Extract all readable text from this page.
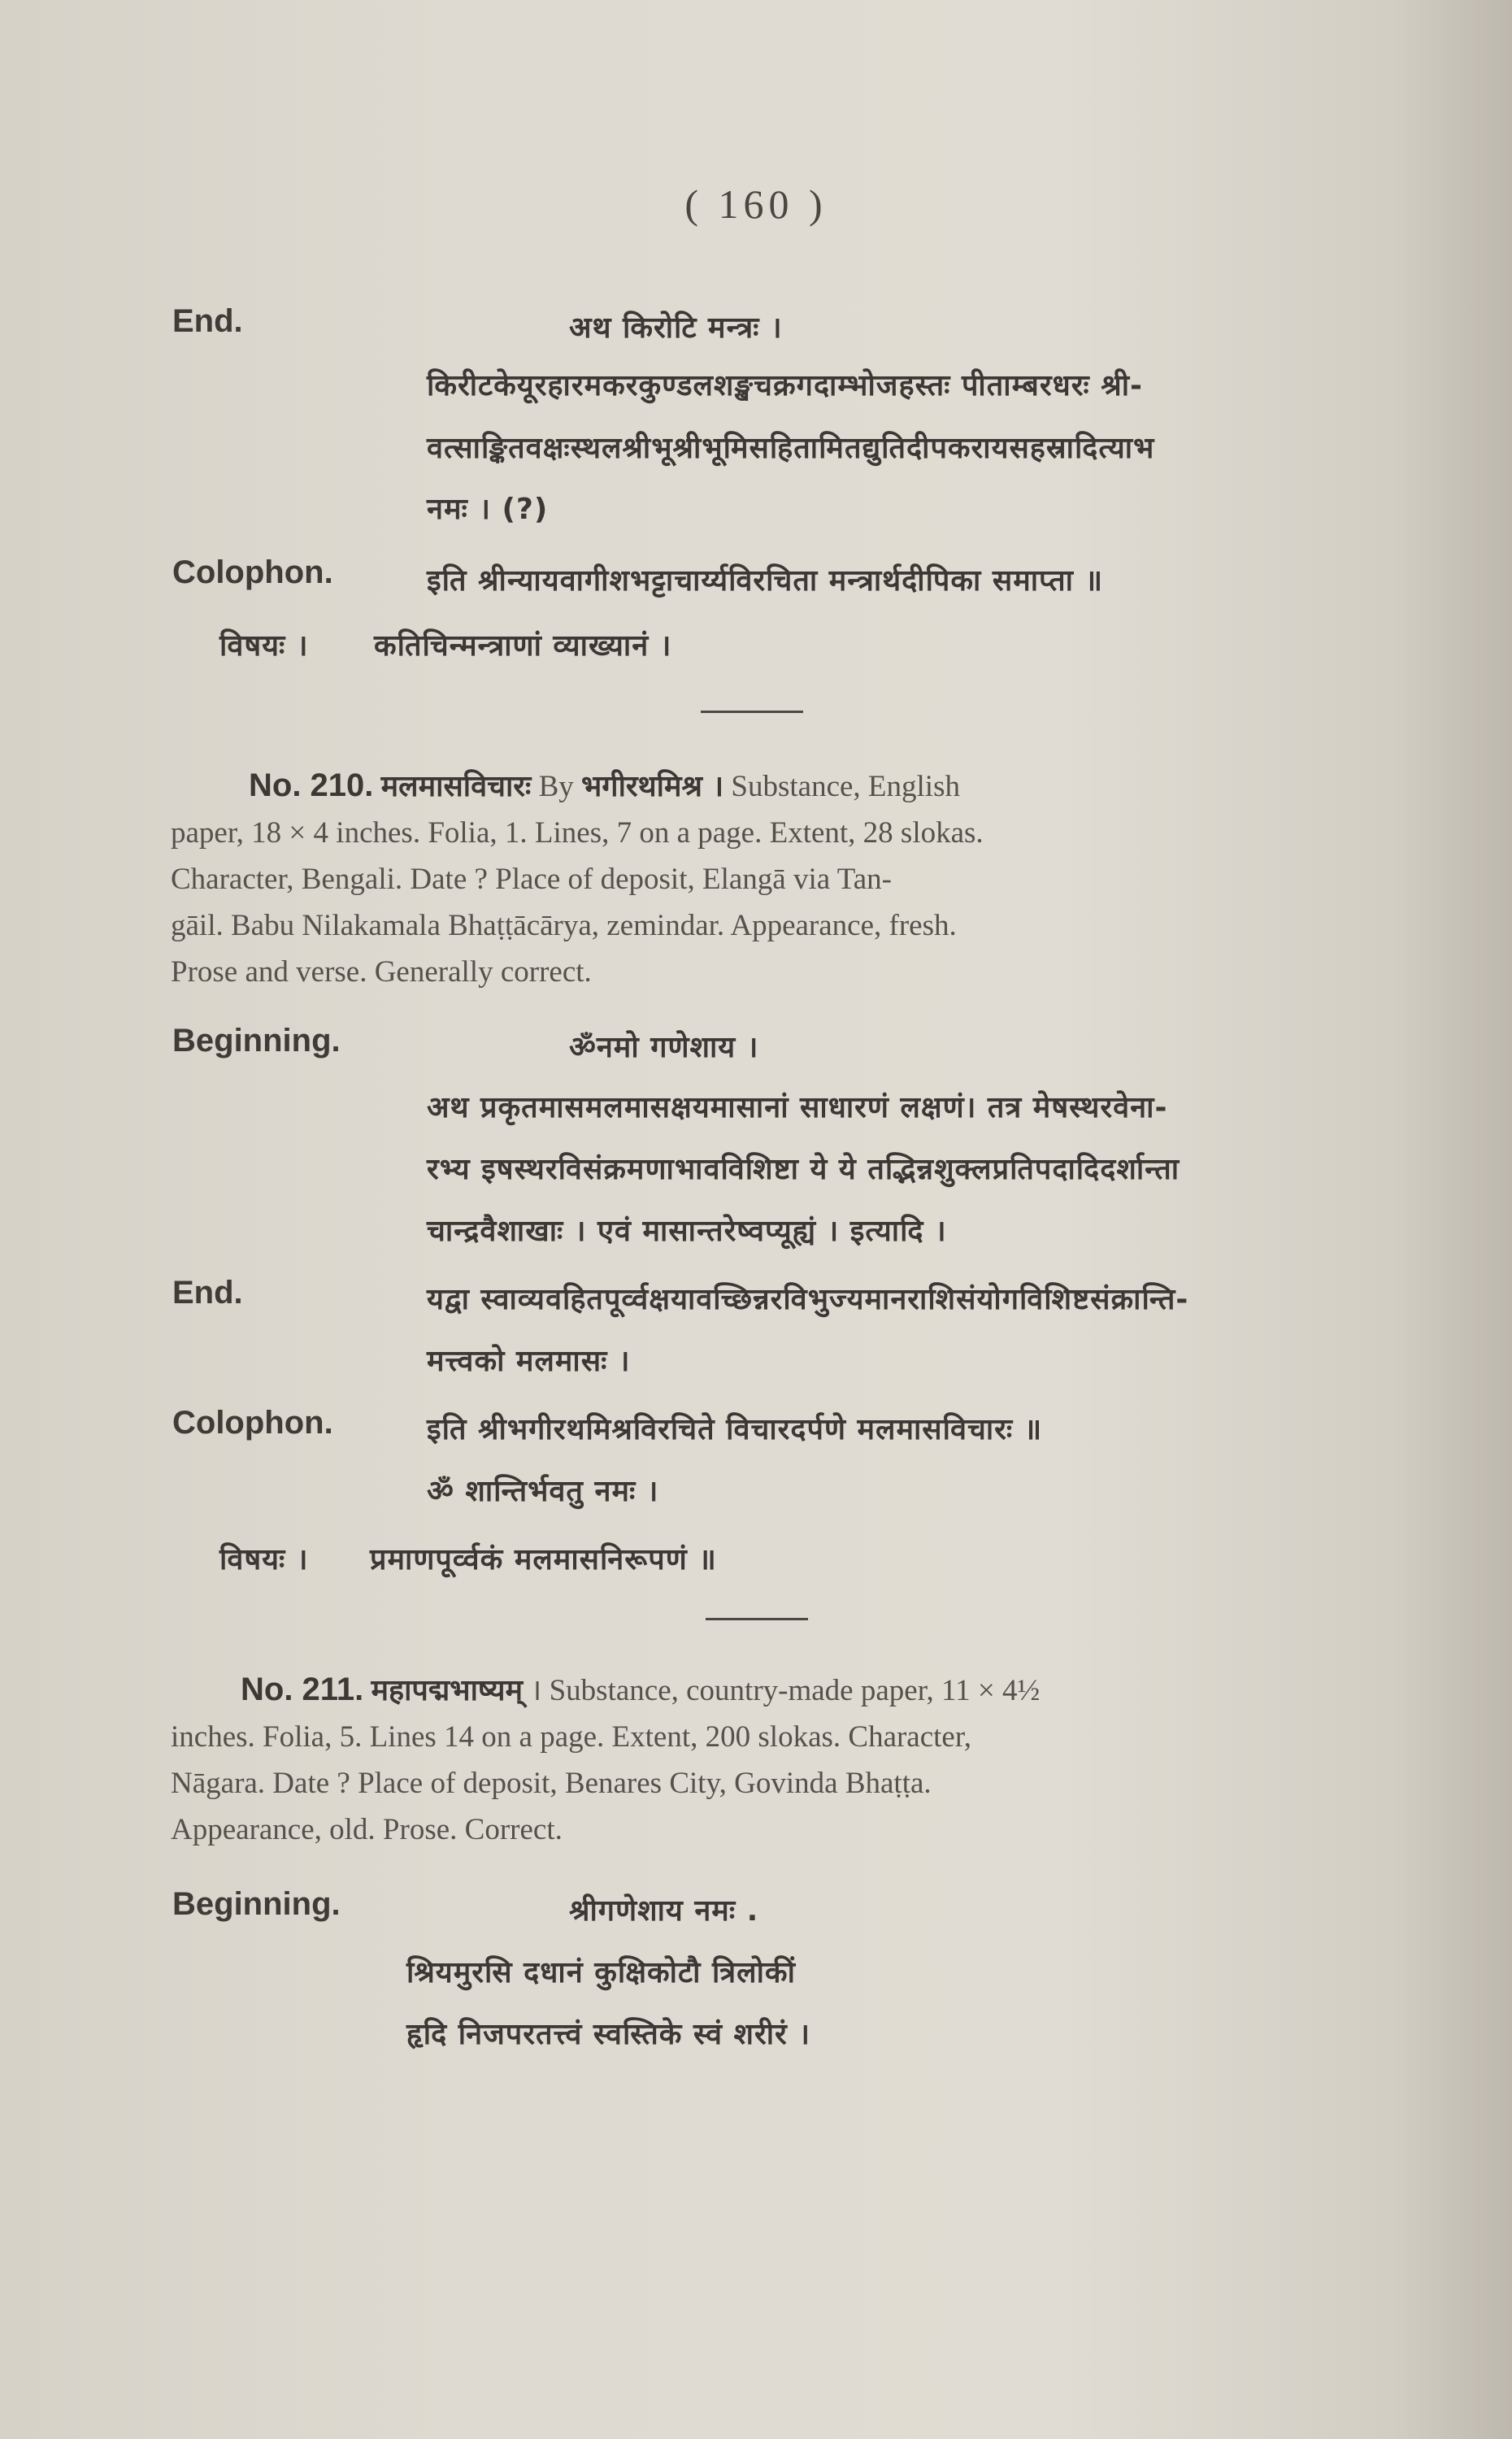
( 160 )
End.	अथ किरोटि मन्त्रः ।
किरीटकेयूरहारमकरकुण्डलशङ्खचक्रगदाम्भोजहस्तः पीताम्बरधरः श्री-
वत्साङ्कितवक्षःस्थलश्रीभूश्रीभूमिसहितामितद्युतिदीपकरायसहस्रादित्याभ
नमः । (?)
Colophon.	इति श्रीन्यायवागीशभट्टाचार्य्यविरचिता मन्त्रार्थदीपिका समाप्ता ॥
विषयः । कतिचिन्मन्त्राणां व्याख्यानं ।
No. 210. मलमासविचारः By भगीरथमिश्र । Substance, English
paper, 18 × 4 inches. Folia, 1. Lines, 7 on a page. Extent, 28 slokas.
Character, Bengali. Date ? Place of deposit, Elangā via Tan-
gāil. Babu Nilakamala Bhaṭṭācārya, zemindar. Appearance, fresh.
Prose and verse. Generally correct.
Beginning.	ॐनमो गणेशाय ।
अथ प्रकृतमासमलमासक्षयमासानां साधारणं लक्षणं। तत्र मेषस्थरवेना-
रभ्य इषस्थरविसंक्रमणाभावविशिष्टा ये ये तद्भिन्नशुक्लप्रतिपदादिदर्शान्ता
चान्द्रवैशाखाः । एवं मासान्तरेष्वप्यूह्यं । इत्यादि ।
End.	यद्वा स्वाव्यवहितपूर्व्वक्षयावच्छिन्नरविभुज्यमानराशिसंयोगविशिष्टसंक्रान्ति-
मत्त्वको मलमासः ।
Colophon.	इति श्रीभगीरथमिश्रविरचिते विचारदर्पणे मलमासविचारः ॥
ॐ शान्तिर्भवतु नमः ।
विषयः । प्रमाणपूर्व्वकं मलमासनिरूपणं ॥
No. 211. महापद्मभाष्यम् । Substance, country-made paper, 11 × 4½
inches. Folia, 5. Lines 14 on a page. Extent, 200 slokas. Character,
Nāgara. Date ? Place of deposit, Benares City, Govinda Bhaṭṭa.
Appearance, old. Prose. Correct.
Beginning.	श्रीगणेशाय नमः .
श्रियमुरसि दधानं कुक्षिकोटौ त्रिलोकीं
हृदि निजपरतत्त्वं स्वस्तिके स्वं शरीरं ।
